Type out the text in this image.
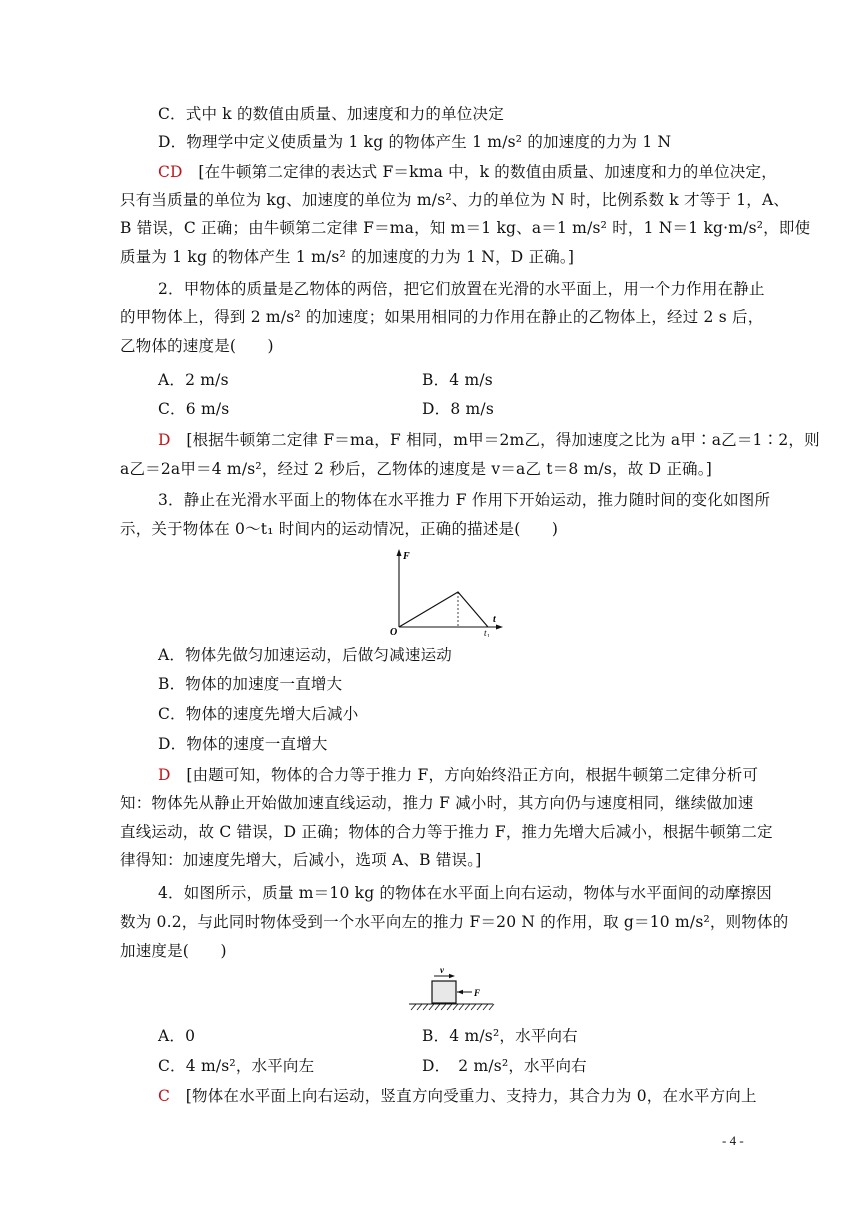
C．式中 k 的数值由质量、加速度和力的单位决定
D．物理学中定义使质量为 1 kg 的物体产生 1 m/s² 的加速度的力为 1 N
CD　 [在牛顿第二定律的表达式 F＝kma 中，k 的数值由质量、加速度和力的单位决定，
只有当质量的单位为 kg、加速度的单位为 m/s²、力的单位为 N 时，比例系数 k 才等于 1，A、
B 错误，C 正确；由牛顿第二定律 F＝ma，知 m＝1 kg、a＝1 m/s² 时，1 N＝1 kg·m/s²，即使
质量为 1 kg 的物体产生 1 m/s² 的加速度的力为 1 N，D 正确。]
2．甲物体的质量是乙物体的两倍，把它们放置在光滑的水平面上，用一个力作用在静止
的甲物体上，得到 2 m/s² 的加速度；如果用相同的力作用在静止的乙物体上，经过 2 s 后，
乙物体的速度是(　　)
A．2 m/s	B．4 m/s
C．6 m/s	D．8 m/s
D　 [根据牛顿第二定律 F＝ma，F 相同，m甲＝2m乙，得加速度之比为 a甲∶a乙＝1∶2，则
a乙＝2a甲＝4 m/s²，经过 2 秒后，乙物体的速度是 v＝a乙 t＝8 m/s，故 D 正确。]
3．静止在光滑水平面上的物体在水平推力 F 作用下开始运动，推力随时间的变化如图所
示，关于物体在 0～t₁ 时间内的运动情况，正确的描述是(　　)
F
t
O	t₁
A．物体先做匀加速运动，后做匀减速运动
B．物体的加速度一直增大
C．物体的速度先增大后减小
D．物体的速度一直增大
D　 [由题可知，物体的合力等于推力 F，方向始终沿正方向，根据牛顿第二定律分析可
知：物体先从静止开始做加速直线运动，推力 F 减小时，其方向仍与速度相同，继续做加速
直线运动，故 C 错误，D 正确；物体的合力等于推力 F，推力先增大后减小，根据牛顿第二定
律得知：加速度先增大，后减小，选项 A、B 错误。]
4．如图所示，质量 m＝10 kg 的物体在水平面上向右运动，物体与水平面间的动摩擦因
数为 0.2，与此同时物体受到一个水平向左的推力 F＝20 N 的作用，取 g＝10 m/s²，则物体的
加速度是(　　)
v
F
A．0	B．4 m/s²，水平向右
C．4 m/s²，水平向左	D．　2 m/s²，水平向右
C　 [物体在水平面上向右运动，竖直方向受重力、支持力，其合力为 0，在水平方向上
- 4 -
